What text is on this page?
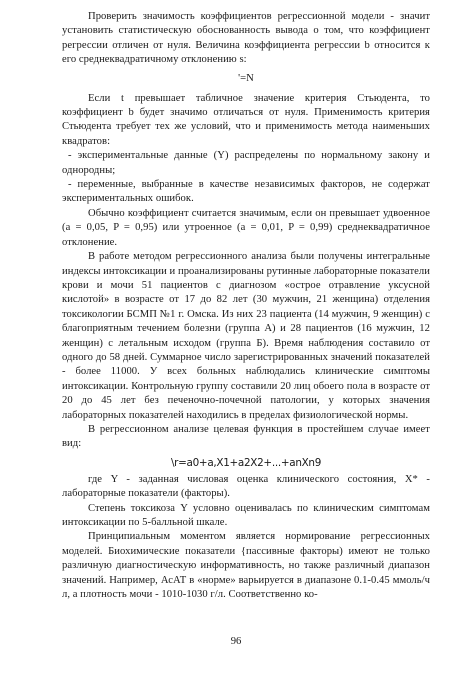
Проверить значимость коэффициентов регрессионной модели - значит установить статистическую обоснованность вывода о том, что коэффициент регрессии отличен от нуля. Величина коэффициента регрессии b относится к его среднеквадратичному отклонению s:

'=N

Если t превышает табличное значение критерия Стьюдента, то коэффициент b будет значимо отличаться от нуля. Применимость критерия Стьюдента требует тех же условий, что и применимость метода наименьших квадратов:

- экспериментальные данные (Y) распределены по нормальному закону и однородны;

- переменные, выбранные в качестве независимых факторов, не содержат экспериментальных ошибок.

Обычно коэффициент считается значимым, если он превышает удвоенное (a = 0,05, P = 0,95) или утроенное (a = 0,01, P = 0,99) среднеквадратичное отклонение.

В работе методом регрессионного анализа были получены интегральные индексы интоксикации и проанализированы рутинные лабораторные показатели крови и мочи 51 пациентов с диагнозом «острое отравление уксусной кислотой» в возрасте от 17 до 82 лет (30 мужчин, 21 женщина) отделения токсикологии БСМП №1 г. Омска. Из них 23 пациента (14 мужчин, 9 женщин) с благоприятным течением болезни (группа А) и 28 пациентов (16 мужчин, 12 женщин) с летальным исходом (группа Б). Время наблюдения составило от одного до 58 дней. Суммарное число зарегистрированных значений показателей - более 11000. У всех больных наблюдались клинические симптомы интоксикации. Контрольную группу составили 20 лиц обоего пола в возрасте от 20 до 45 лет без печеночно-почечной патологии, у которых значения лабораторных показателей находились в пределах физиологической нормы.

В регрессионном анализе целевая функция в простейшем случае имеет вид:

\r=a0+a,X1+a2X2+...+anXn9

где Y - заданная числовая оценка клинического состояния, X* - лабораторные показатели (факторы).

Степень токсикоза Y условно оценивалась по клиническим симптомам интоксикации по 5-балльной шкале.

Принципиальным моментом является нормирование регрессионных моделей. Биохимические показатели {пассивные факторы) имеют не только различную диагностическую информативность, но также различный диапазон значений. Например, АсАТ в «норме» варьируется в диапазоне 0.1-0.45 ммоль/ч л, а плотность мочи - 1010-1030 г/л. Соответственно ко-

96
